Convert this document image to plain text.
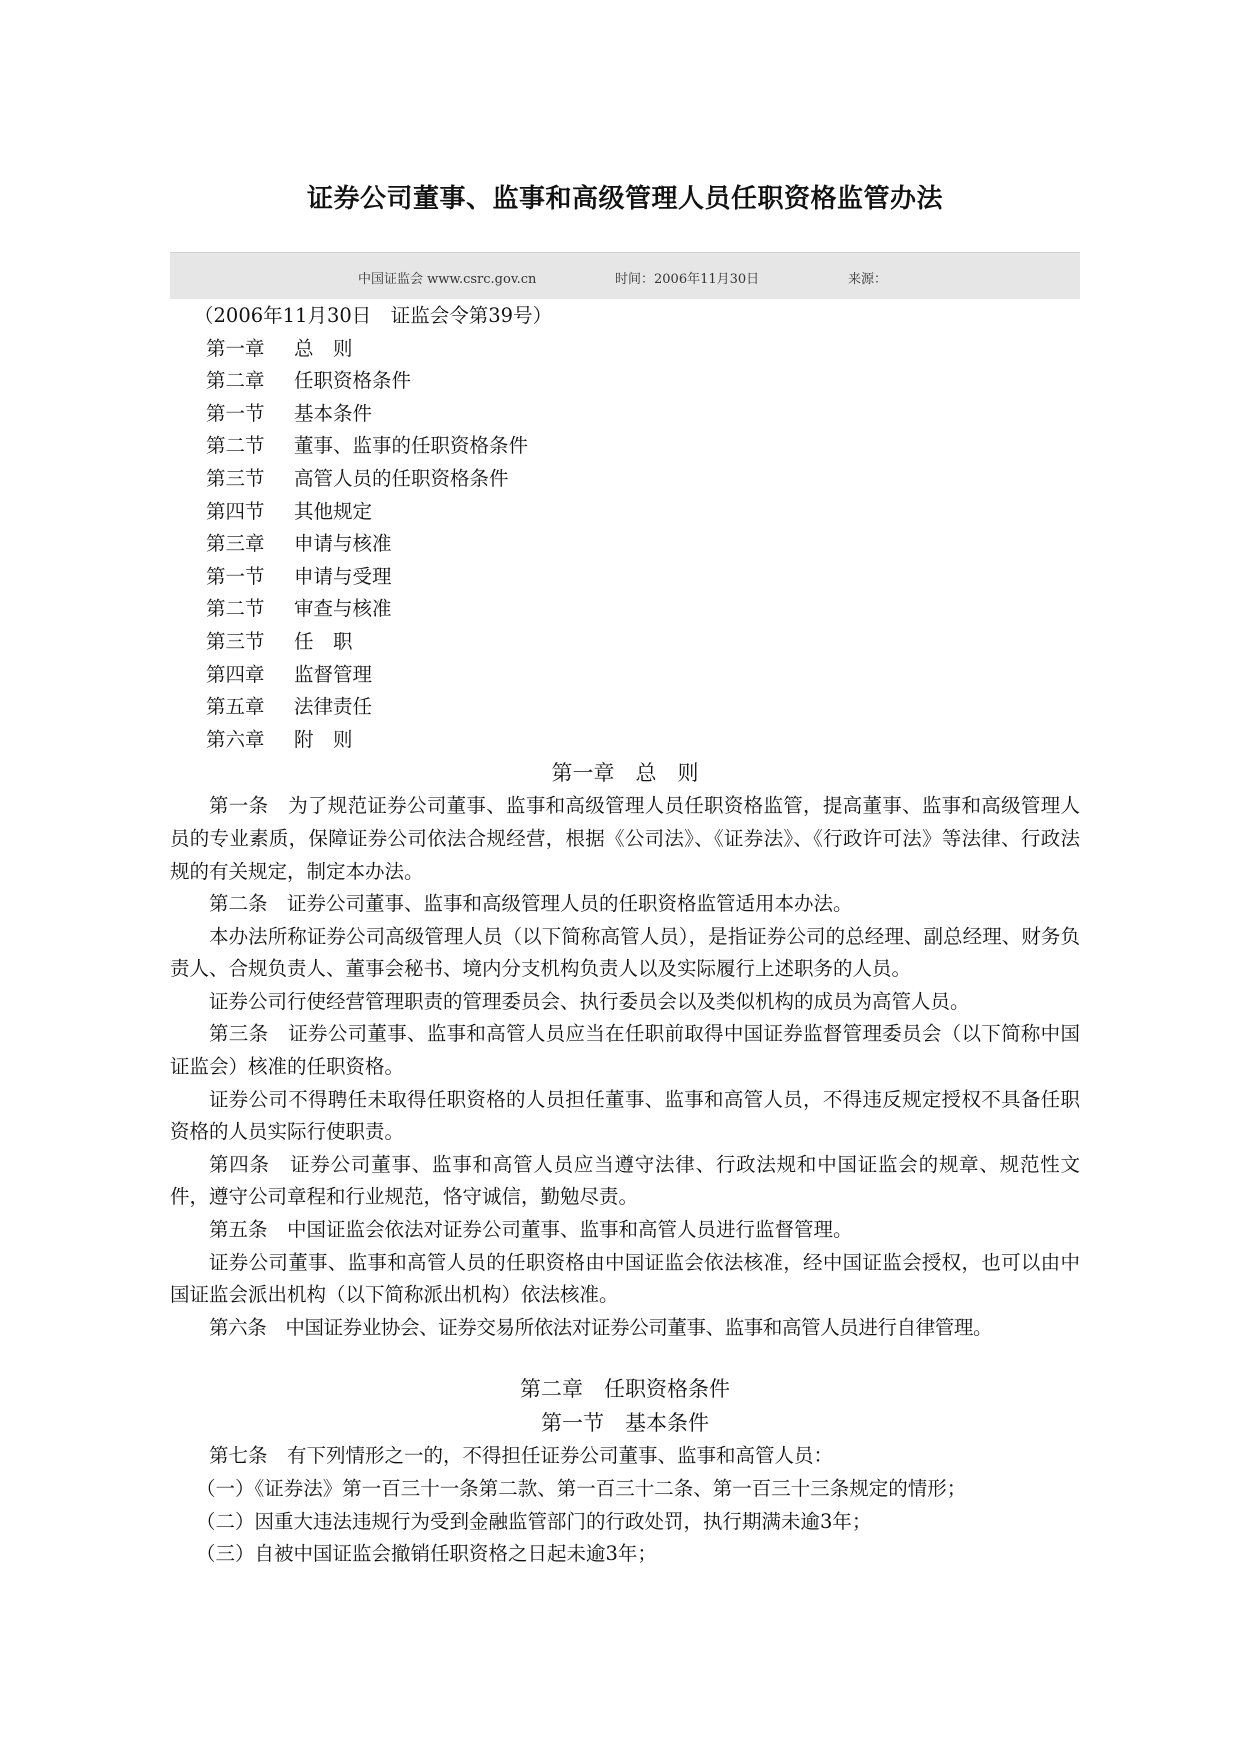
证券公司董事、监事和高级管理人员任职资格监管办法
中国证监会 www.csrc.gov.cn	时间：2006年11月30日	来源：
（2006年11月30日　证监会令第39号）
第一章 总　则
第二章 任职资格条件
第一节 基本条件
第二节 董事、监事的任职资格条件
第三节 高管人员的任职资格条件
第四节 其他规定
第三章 申请与核准
第一节 申请与受理
第二节 审查与核准
第三节 任　职
第四章 监督管理
第五章 法律责任
第六章 附　则
第一章　总　则
第一条　为了规范证券公司董事、监事和高级管理人员任职资格监管，提高董事、监事和高级管理人员的专业素质，保障证券公司依法合规经营，根据《公司法》、《证券法》、《行政许可法》等法律、行政法规的有关规定，制定本办法。
第二条　证券公司董事、监事和高级管理人员的任职资格监管适用本办法。
本办法所称证券公司高级管理人员（以下简称高管人员），是指证券公司的总经理、副总经理、财务负责人、合规负责人、董事会秘书、境内分支机构负责人以及实际履行上述职务的人员。
证券公司行使经营管理职责的管理委员会、执行委员会以及类似机构的成员为高管人员。
第三条　证券公司董事、监事和高管人员应当在任职前取得中国证券监督管理委员会（以下简称中国证监会）核准的任职资格。
证券公司不得聘任未取得任职资格的人员担任董事、监事和高管人员，不得违反规定授权不具备任职资格的人员实际行使职责。
第四条　证券公司董事、监事和高管人员应当遵守法律、行政法规和中国证监会的规章、规范性文件，遵守公司章程和行业规范，恪守诚信，勤勉尽责。
第五条　中国证监会依法对证券公司董事、监事和高管人员进行监督管理。
证券公司董事、监事和高管人员的任职资格由中国证监会依法核准，经中国证监会授权，也可以由中国证监会派出机构（以下简称派出机构）依法核准。
第六条　中国证券业协会、证券交易所依法对证券公司董事、监事和高管人员进行自律管理。
第二章　任职资格条件
第一节　基本条件
第七条　有下列情形之一的，不得担任证券公司董事、监事和高管人员：
（一）《证券法》第一百三十一条第二款、第一百三十二条、第一百三十三条规定的情形；
（二）因重大违法违规行为受到金融监管部门的行政处罚，执行期满未逾3年；
（三）自被中国证监会撤销任职资格之日起未逾3年；
